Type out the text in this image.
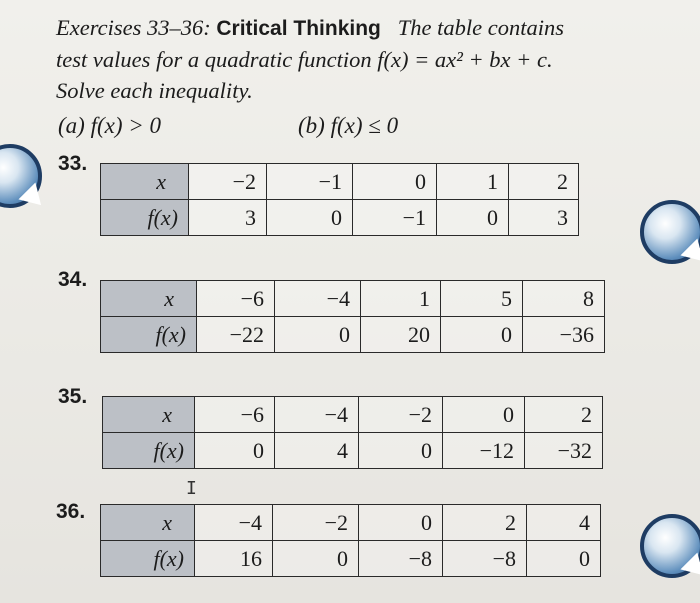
Exercises 33–36: Critical Thinking The table contains
test values for a quadratic function f(x) = ax² + bx + c.
Solve each inequality.
(a) f(x) > 0	(b) f(x) ≤ 0
33.
x	−2	−1	0	1	2
f(x)	3	0	−1	0	3
34.
x	−6	−4	1	5	8
f(x)	−22	0	20	0	−36
35.
x	−6	−4	−2	0	2
f(x)	0	4	0	−12	−32
36.	x	−4	−2	0	2	4
f(x)	16	0	−8	−8	0
I
